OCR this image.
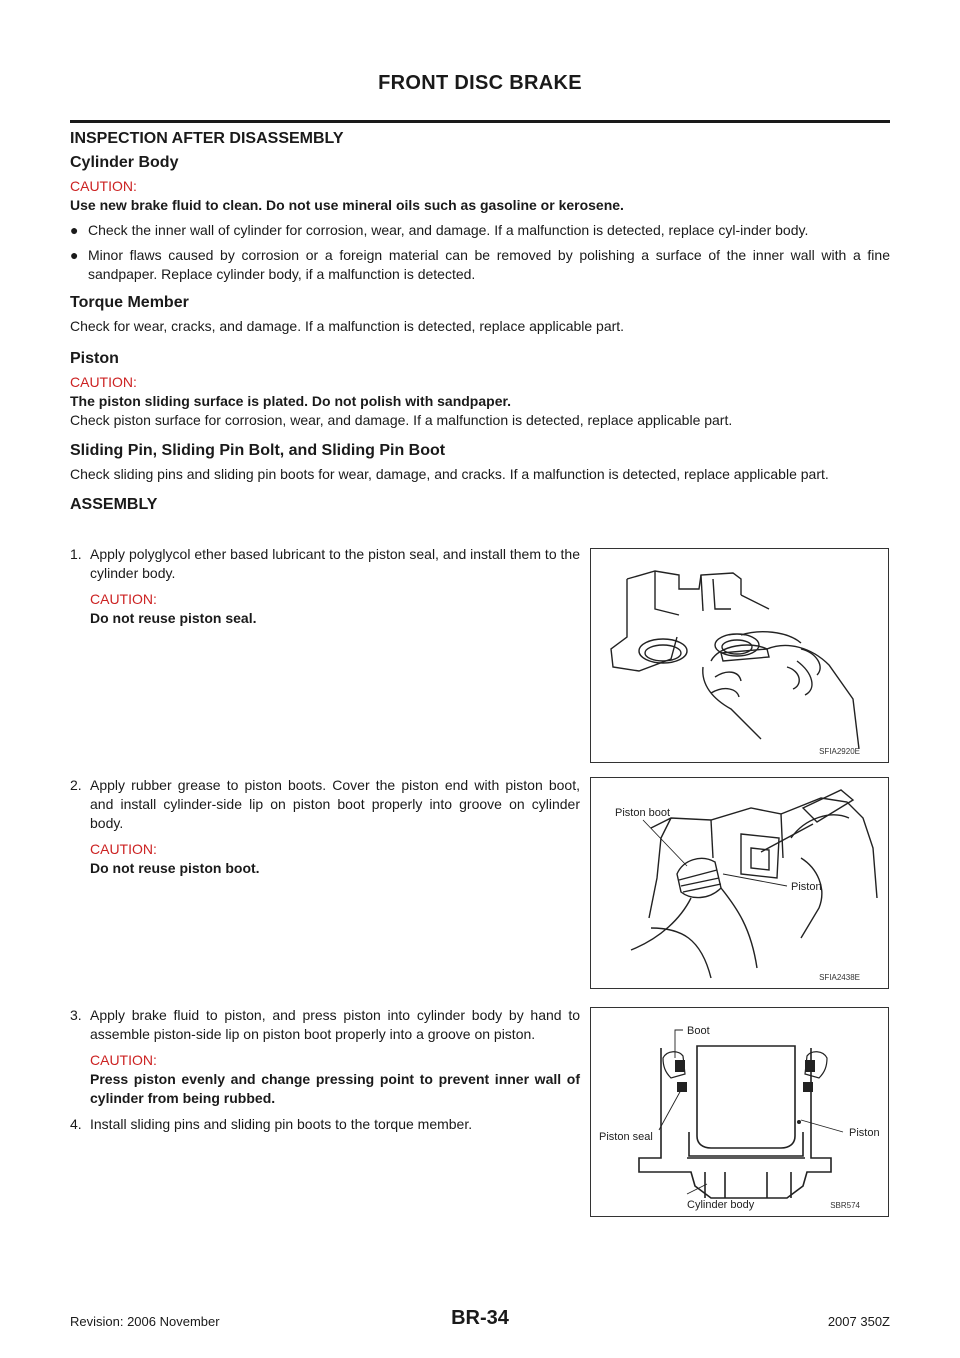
FRONT DISC BRAKE
INSPECTION AFTER DISASSEMBLY
Cylinder Body
CAUTION:

Use new brake fluid to clean. Do not use mineral oils such as gasoline or kerosene.

● Check the inner wall of cylinder for corrosion, wear, and damage. If a malfunction is detected, replace cyl-inder body.
● Minor flaws caused by corrosion or a foreign material can be removed by polishing a surface of the inner wall with a fine sandpaper. Replace cylinder body, if a malfunction is detected.
Torque Member

Check for wear, cracks, and damage. If a malfunction is detected, replace applicable part.

Piston
CAUTION:

The piston sliding surface is plated. Do not polish with sandpaper.

Check piston surface for corrosion, wear, and damage. If a malfunction is detected, replace applicable part.

Sliding Pin, Sliding Pin Bolt, and Sliding Pin Boot

Check sliding pins and sliding pin boots for wear, damage, and cracks. If a malfunction is detected, replace applicable part.

ASSEMBLY
1. Apply polyglycol ether based lubricant to the piston seal, and install them to the cylinder body.
CAUTION:
Do not reuse piston seal.
2. Apply rubber grease to piston boots. Cover the piston end with piston boot, and install cylinder-side lip on piston boot properly into groove on cylinder body.
CAUTION:
Do not reuse piston boot.
3. Apply brake fluid to piston, and press piston into cylinder body by hand to assemble piston-side lip on piston boot properly into a groove on piston.
CAUTION:
Press piston evenly and change pressing point to prevent inner wall of cylinder from being rubbed.
4. Install sliding pins and sliding pin boots to the torque member.
SFIA2920E
Piston boot
Piston
SFIA2438E
Boot
Piston seal	Piston
Cylinder body	SBR574
Revision: 2006 November	BR-34	2007 350Z
